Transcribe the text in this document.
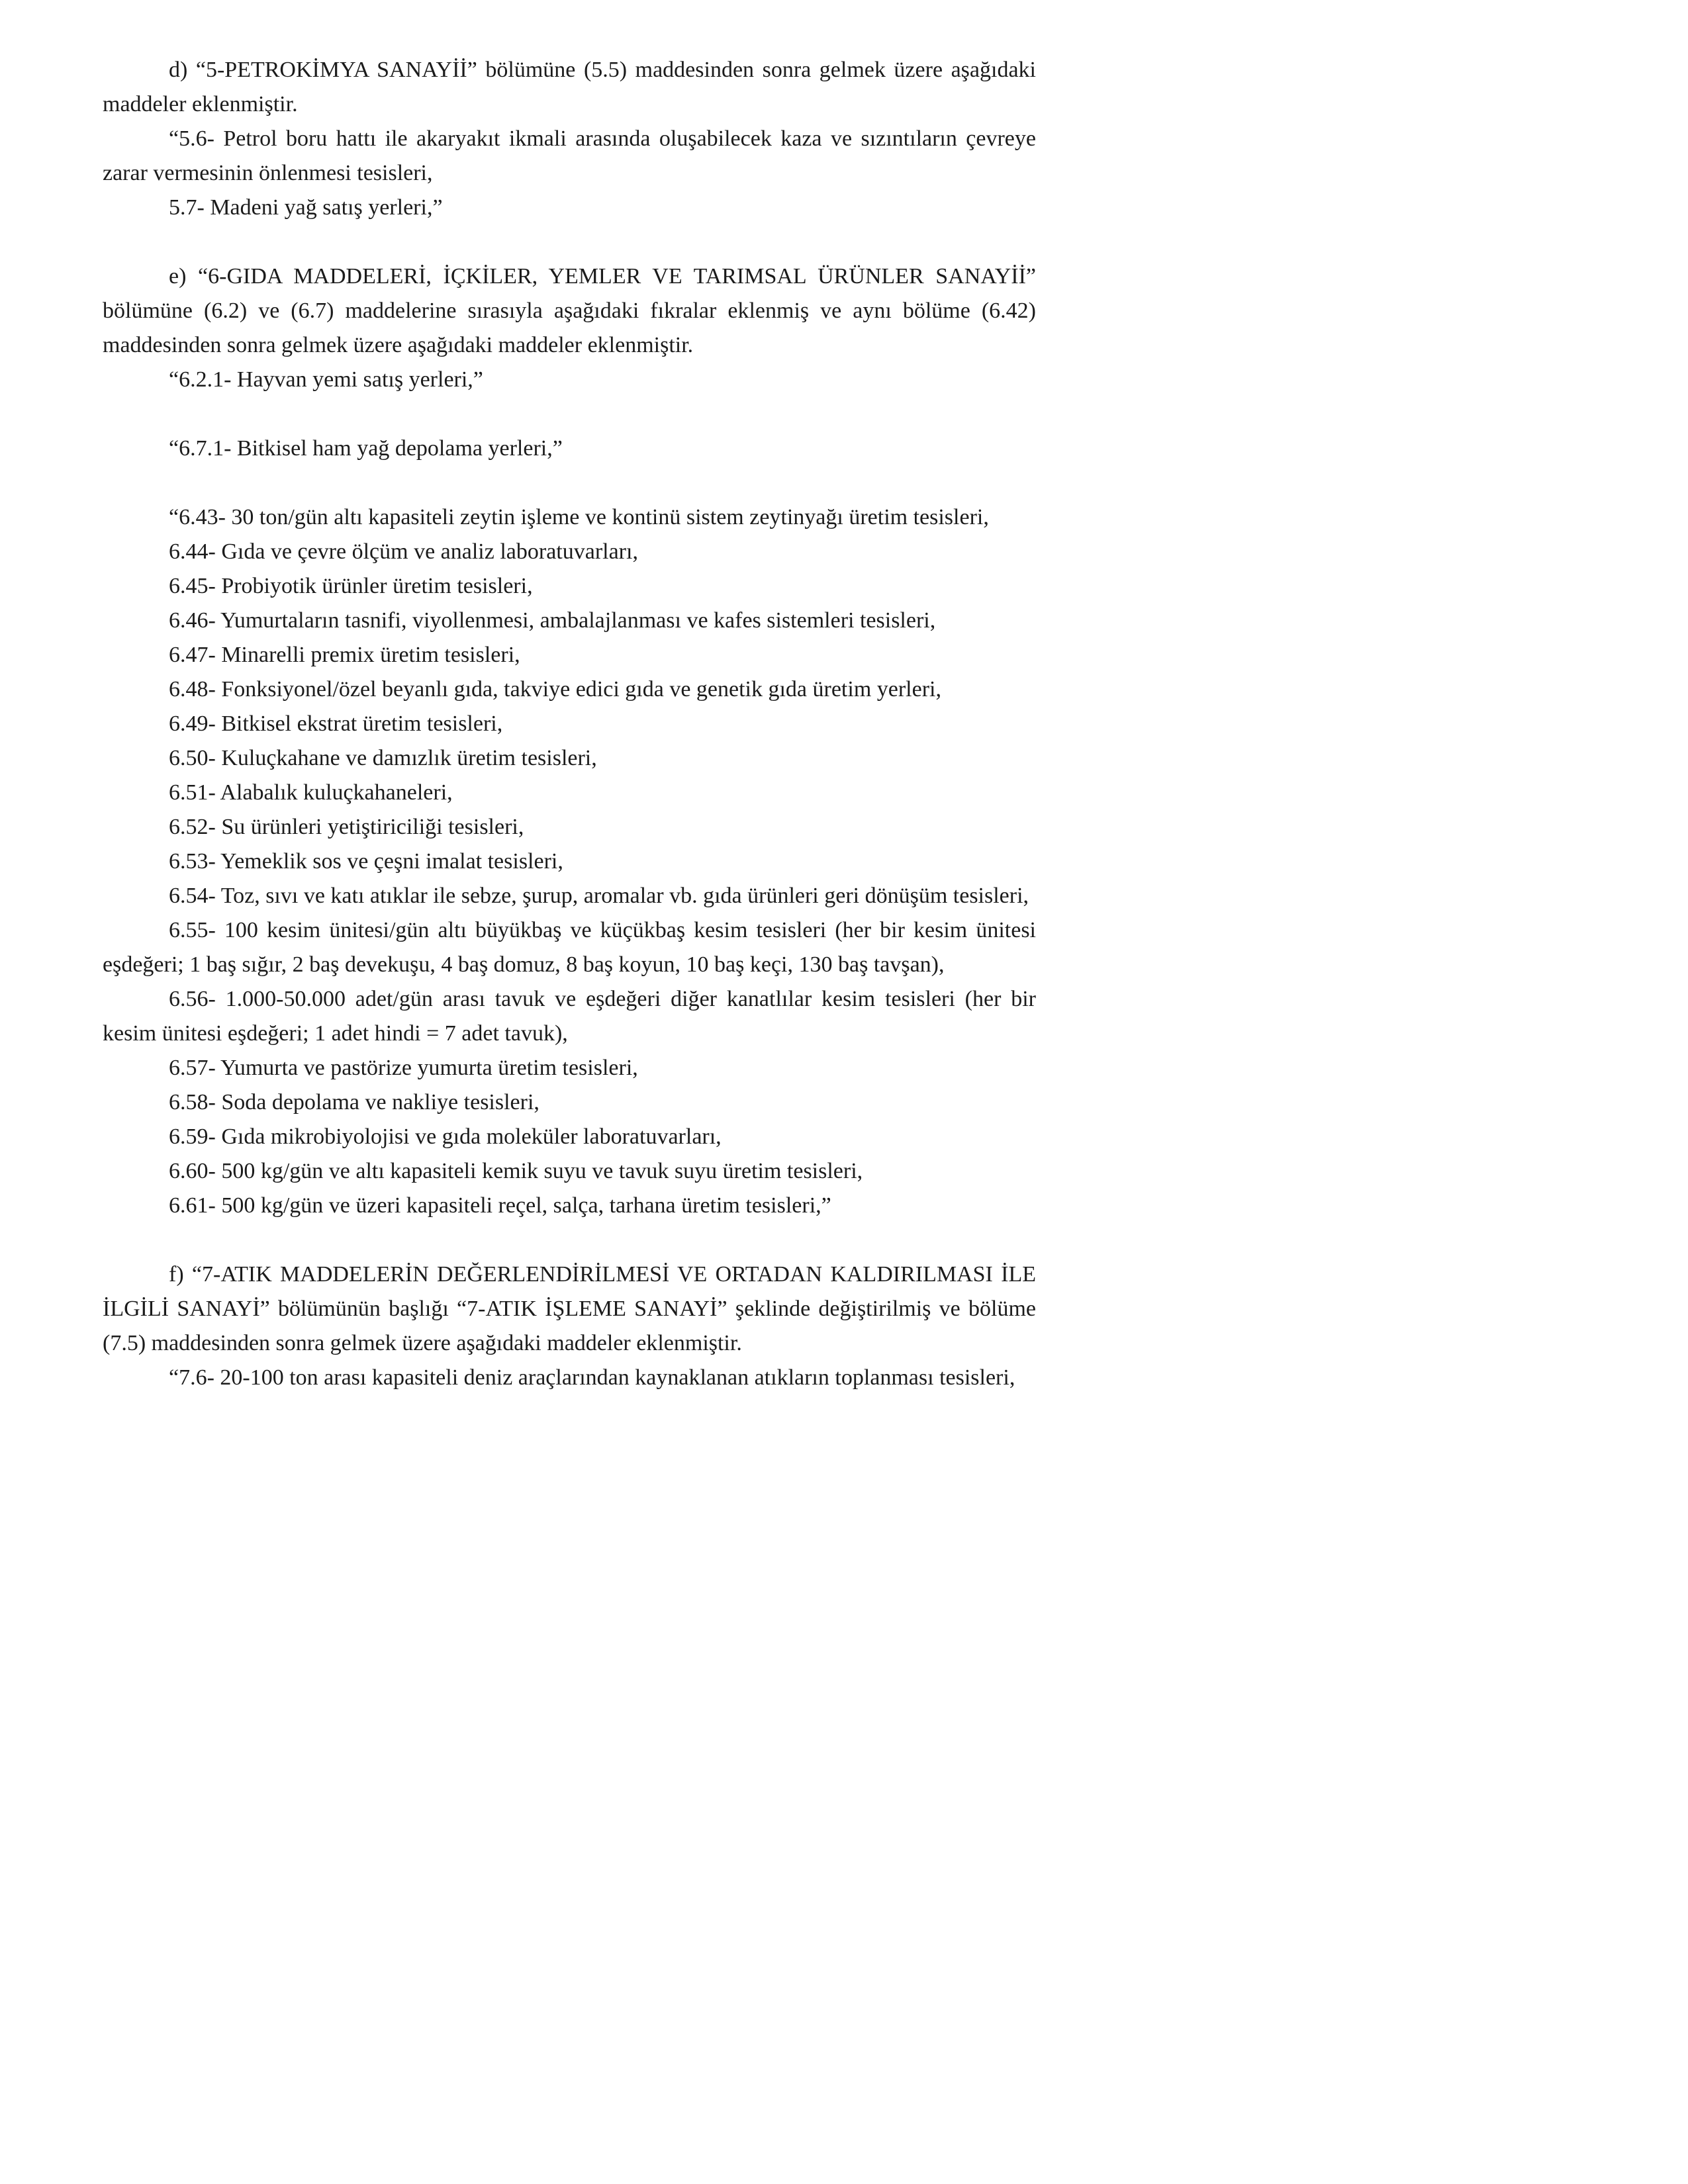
d) “5-PETROKİMYA SANAYİİ” bölümüne (5.5) maddesinden sonra gelmek üzere aşağıdaki maddeler eklenmiştir.

“5.6- Petrol boru hattı ile akaryakıt ikmali arasında oluşabilecek kaza ve sızıntıların çevreye zarar vermesinin önlenmesi tesisleri,

5.7- Madeni yağ satış yerleri,”

e) “6-GIDA MADDELERİ, İÇKİLER, YEMLER VE TARIMSAL ÜRÜNLER SANAYİİ” bölümüne (6.2) ve (6.7) maddelerine sırasıyla aşağıdaki fıkralar eklenmiş ve aynı bölüme (6.42) maddesinden sonra gelmek üzere aşağıdaki maddeler eklenmiştir.

“6.2.1- Hayvan yemi satış yerleri,”

“6.7.1- Bitkisel ham yağ depolama yerleri,”

“6.43- 30 ton/gün altı kapasiteli zeytin işleme ve kontinü sistem zeytinyağı üretim tesisleri,

6.44- Gıda ve çevre ölçüm ve analiz laboratuvarları,

6.45- Probiyotik ürünler üretim tesisleri,

6.46- Yumurtaların tasnifi, viyollenmesi, ambalajlanması ve kafes sistemleri tesisleri,

6.47- Minarelli premix üretim tesisleri,

6.48- Fonksiyonel/özel beyanlı gıda, takviye edici gıda ve genetik gıda üretim yerleri,

6.49- Bitkisel ekstrat üretim tesisleri,

6.50- Kuluçkahane ve damızlık üretim tesisleri,

6.51- Alabalık kuluçkahaneleri,

6.52- Su ürünleri yetiştiriciliği tesisleri,

6.53- Yemeklik sos ve çeşni imalat tesisleri,

6.54- Toz, sıvı ve katı atıklar ile sebze, şurup, aromalar vb. gıda ürünleri geri dönüşüm tesisleri,

6.55- 100 kesim ünitesi/gün altı büyükbaş ve küçükbaş kesim tesisleri (her bir kesim ünitesi eşdeğeri; 1 baş sığır, 2 baş devekuşu, 4 baş domuz, 8 baş koyun, 10 baş keçi, 130 baş tavşan),

6.56- 1.000-50.000 adet/gün arası tavuk ve eşdeğeri diğer kanatlılar kesim tesisleri (her bir kesim ünitesi eşdeğeri; 1 adet hindi = 7 adet tavuk),

6.57- Yumurta ve pastörize yumurta üretim tesisleri,

6.58- Soda depolama ve nakliye tesisleri,

6.59- Gıda mikrobiyolojisi ve gıda moleküler laboratuvarları,

6.60- 500 kg/gün ve altı kapasiteli kemik suyu ve tavuk suyu üretim tesisleri,

6.61- 500 kg/gün ve üzeri kapasiteli reçel, salça, tarhana üretim tesisleri,”

f) “7-ATIK MADDELERİN DEĞERLENDİRİLMESİ VE ORTADAN KALDIRILMASI İLE İLGİLİ SANAYİ” bölümünün başlığı “7-ATIK İŞLEME SANAYİ” şeklinde değiştirilmiş ve bölüme (7.5) maddesinden sonra gelmek üzere aşağıdaki maddeler eklenmiştir.

“7.6- 20-100 ton arası kapasiteli deniz araçlarından kaynaklanan atıkların toplanması tesisleri,
